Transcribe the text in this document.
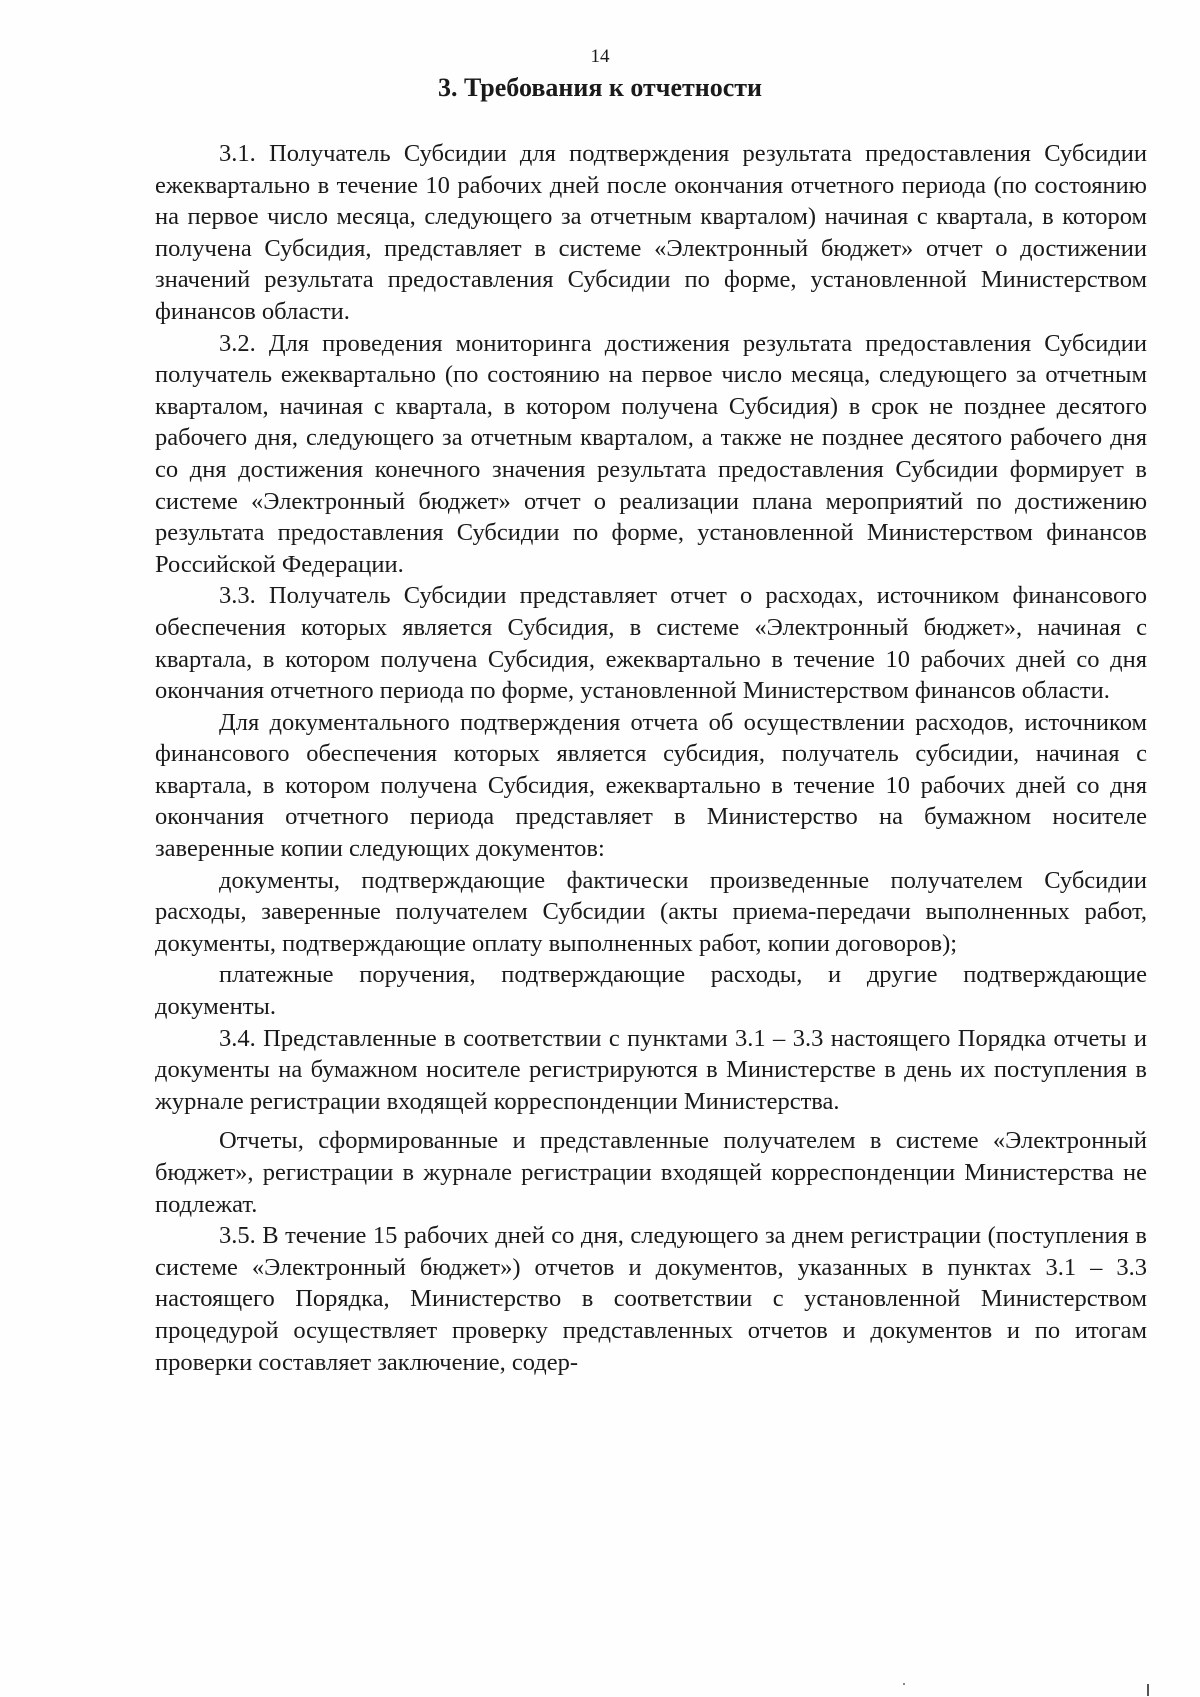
14
3. Требования к отчетности

3.1. Получатель Субсидии для подтверждения результата предоставления Субсидии ежеквартально в течение 10 рабочих дней после окончания отчетного периода (по состоянию на первое число месяца, следующего за отчетным кварталом) начиная с квартала, в котором получена Субсидия, представляет в системе «Электронный бюджет» отчет о достижении значений результата предоставления Субсидии по форме, установленной Министерством финансов области.

3.2. Для проведения мониторинга достижения результата предоставления Субсидии получатель ежеквартально (по состоянию на первое число месяца, следующего за отчетным кварталом, начиная с квартала, в котором получена Субсидия) в срок не позднее десятого рабочего дня, следующего за отчетным кварталом, а также не позднее десятого рабочего дня со дня достижения конечного значения результата предоставления Субсидии формирует в системе «Электронный бюджет» отчет о реализации плана мероприятий по достижению результата предоставления Субсидии по форме, установленной Министерством финансов Российской Федерации.

3.3. Получатель Субсидии представляет отчет о расходах, источником финансового обеспечения которых является Субсидия, в системе «Электронный бюджет», начиная с квартала, в котором получена Субсидия, ежеквартально в течение 10 рабочих дней со дня окончания отчетного периода по форме, установленной Министерством финансов области.

Для документального подтверждения отчета об осуществлении расходов, источником финансового обеспечения которых является субсидия, получатель субсидии, начиная с квартала, в котором получена Субсидия, ежеквартально в течение 10 рабочих дней со дня окончания отчетного периода представляет в Министерство на бумажном носителе заверенные копии следующих документов:

документы, подтверждающие фактически произведенные получателем Субсидии расходы, заверенные получателем Субсидии (акты приема-передачи выполненных работ, документы, подтверждающие оплату выполненных работ, копии договоров);

платежные поручения, подтверждающие расходы, и другие подтверждающие документы.

3.4. Представленные в соответствии с пунктами 3.1 – 3.3 настоящего Порядка отчеты и документы на бумажном носителе регистрируются в Министерстве в день их поступления в журнале регистрации входящей корреспонденции Министерства.

Отчеты, сформированные и представленные получателем в системе «Электронный бюджет», регистрации в журнале регистрации входящей корреспонденции Министерства не подлежат.

3.5. В течение 15 рабочих дней со дня, следующего за днем регистрации (поступления в системе «Электронный бюджет») отчетов и документов, указанных в пунктах 3.1 – 3.3 настоящего Порядка, Министерство в соответствии с установленной Министерством процедурой осуществляет проверку представленных отчетов и документов и по итогам проверки составляет заключение, содер-
